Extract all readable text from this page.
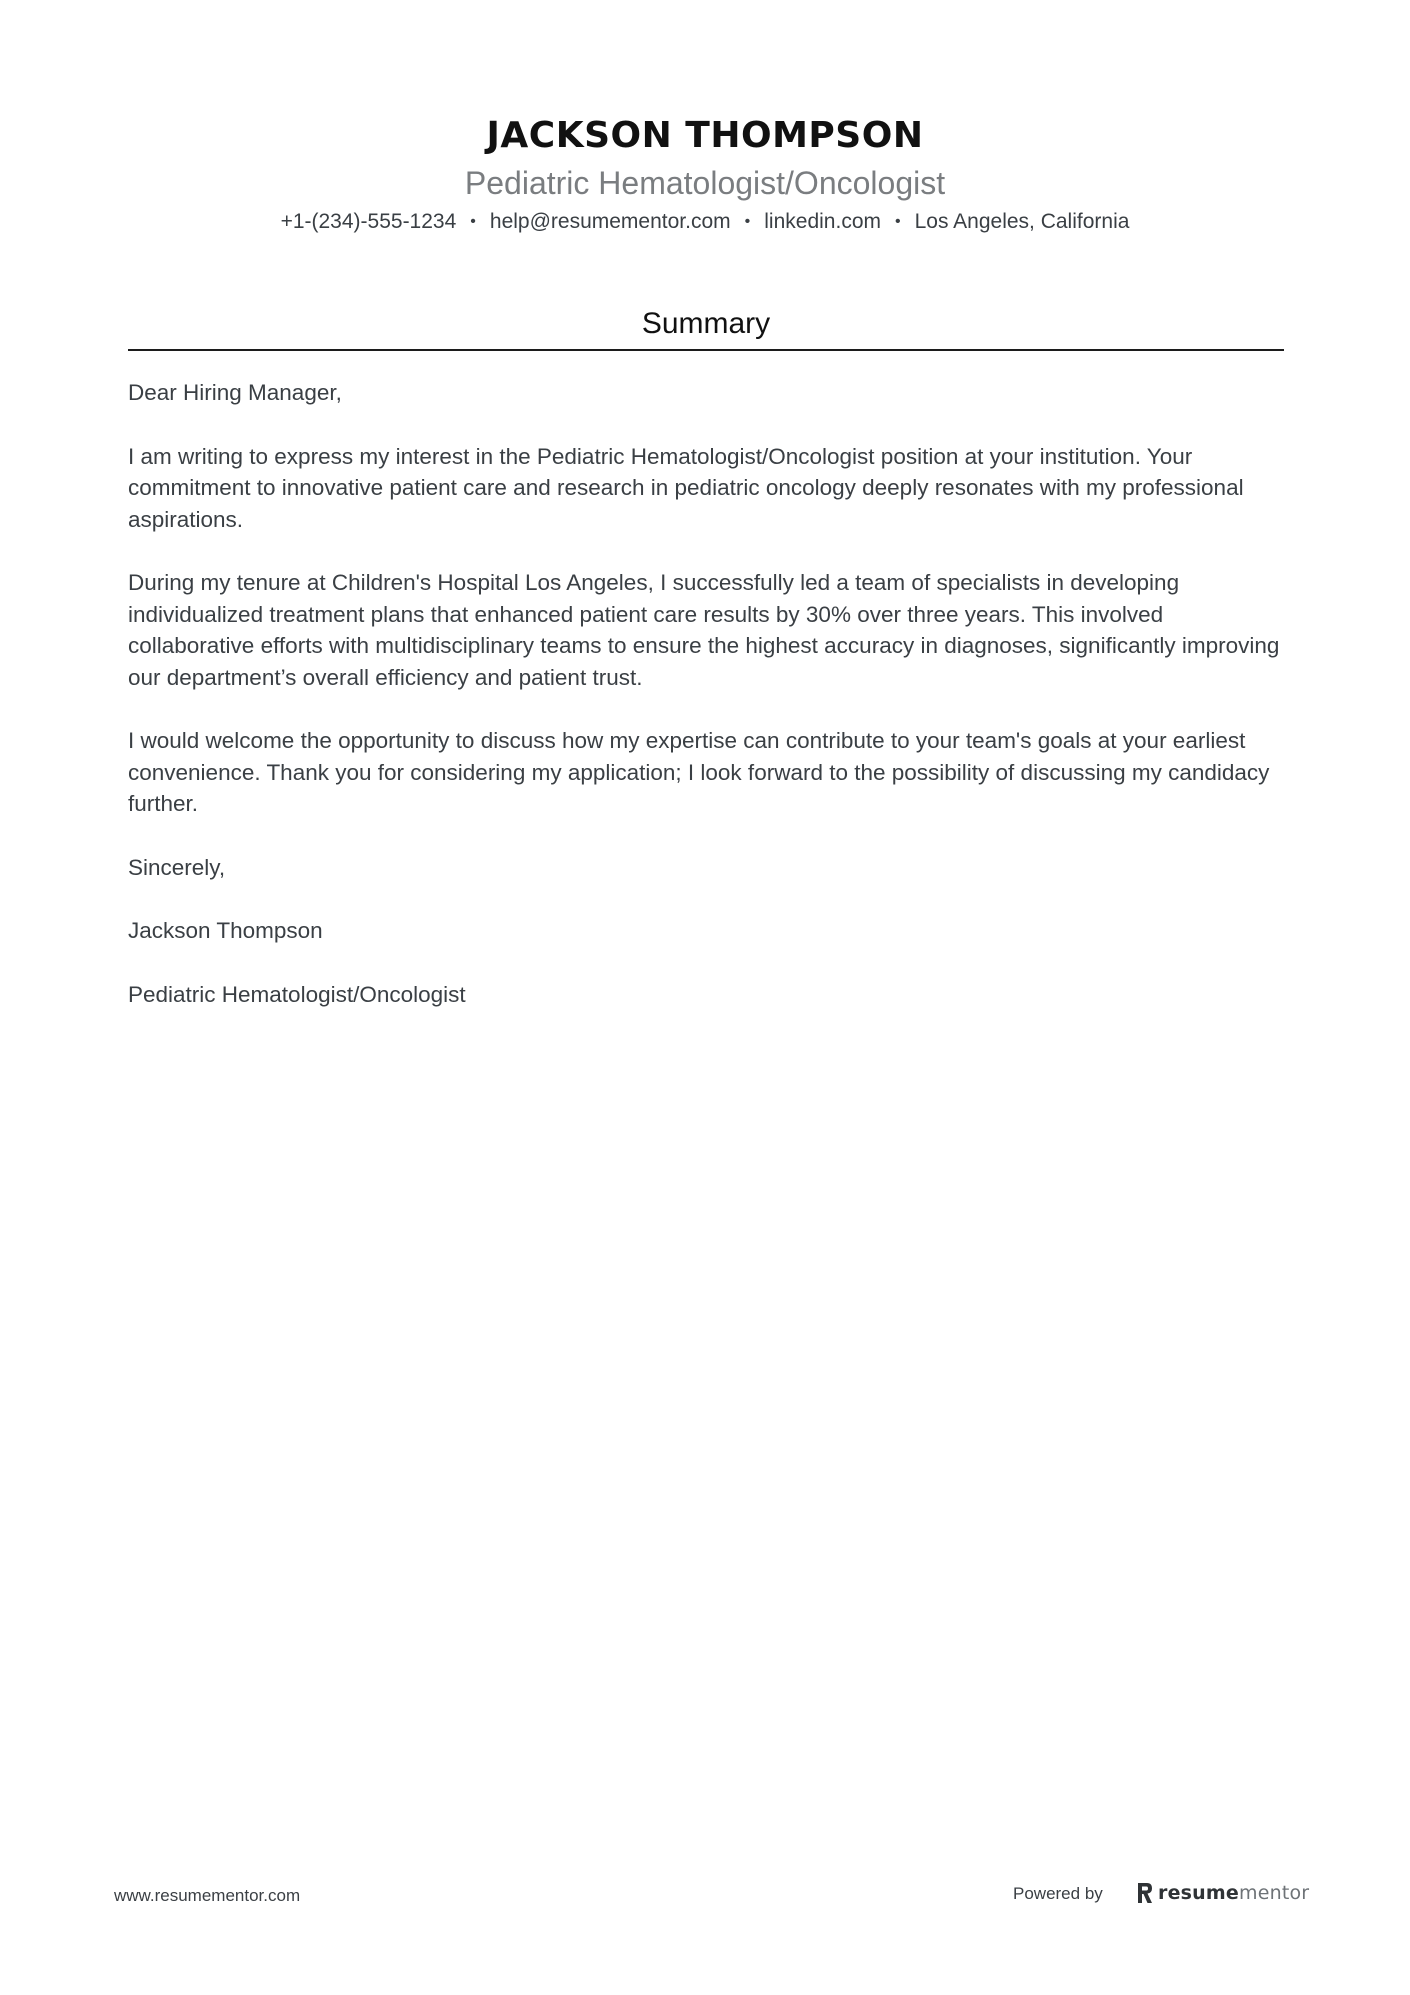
JACKSON THOMPSON
Pediatric Hematologist/Oncologist
+1-(234)-555-1234 • help@resumementor.com • linkedin.com • Los Angeles, California
Summary

Dear Hiring Manager,

I am writing to express my interest in the Pediatric Hematologist/Oncologist position at your institution. Your commitment to innovative patient care and research in pediatric oncology deeply resonates with my professional aspirations.

During my tenure at Children's Hospital Los Angeles, I successfully led a team of specialists in developing individualized treatment plans that enhanced patient care results by 30% over three years. This involved collaborative efforts with multidisciplinary teams to ensure the highest accuracy in diagnoses, significantly improving our department’s overall efficiency and patient trust.

I would welcome the opportunity to discuss how my expertise can contribute to your team's goals at your earliest convenience. Thank you for considering my application; I look forward to the possibility of discussing my candidacy further.

Sincerely,

Jackson Thompson

Pediatric Hematologist/Oncologist

www.resumementor.com	Powered by	resumementor
